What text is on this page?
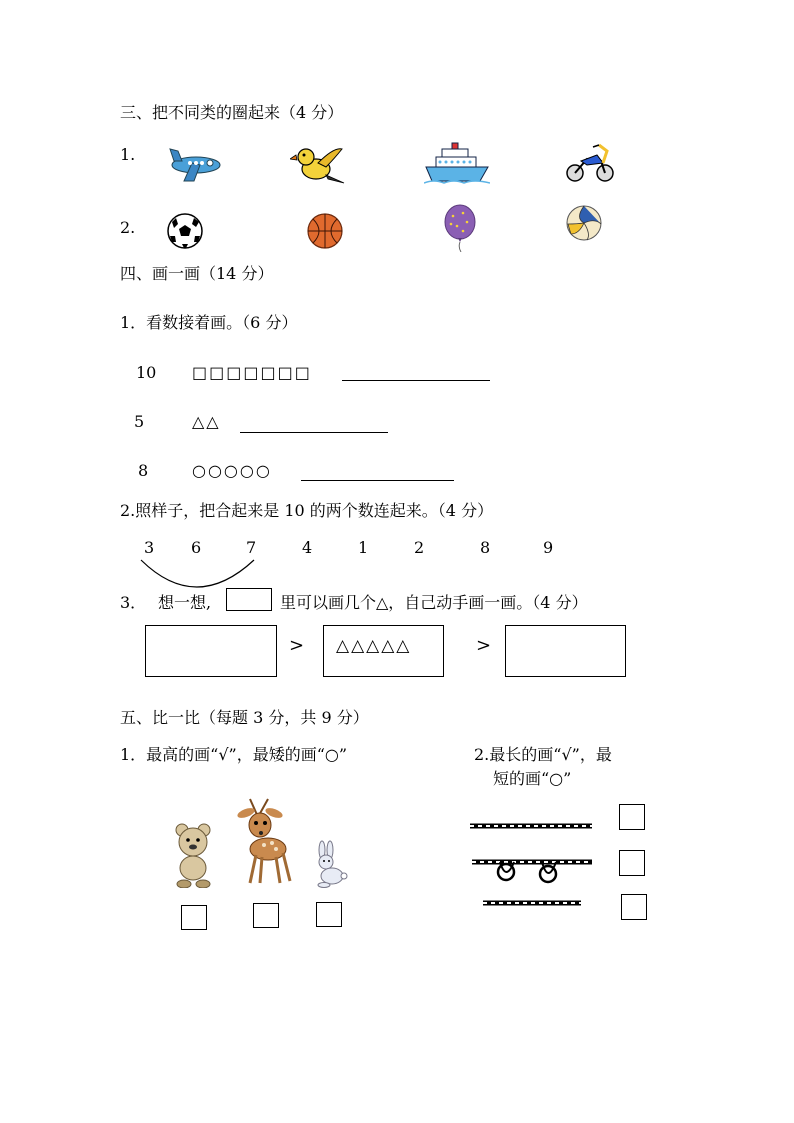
三、把不同类的圈起来（4 分）
1.
2.
四、画一画（14 分）
1．看数接着画。（6 分）
10 □□□□□□□
5	△△
8	○○○○○
2.照样子，把合起来是 10 的两个数连起来。（4 分）
3 6	7	4	1	2	8	9
3． 想一想,	里可以画几个△，自己动手画一画。（4 分）
> △△△△△	>
五、比一比（每题 3 分，共 9 分）
1．最高的画“√”，最矮的画“○”	2.最长的画“√”，最
短的画“○”
